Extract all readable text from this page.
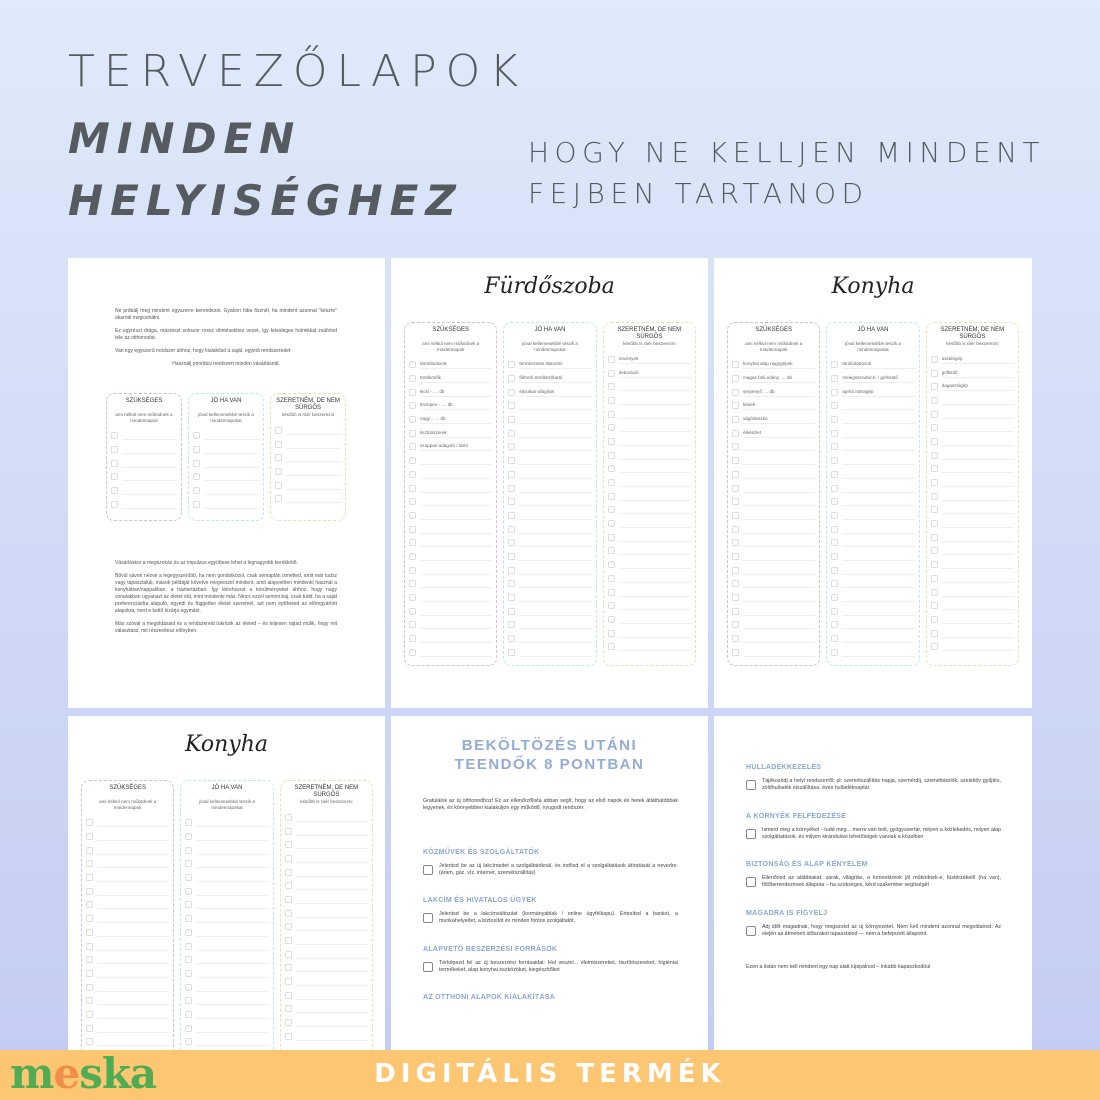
TERVEZŐLAPOK
MINDEN
HELYISÉGHEZ
HOGY NE KELLJEN MINDENT
FEJBEN TARTANOD

Ne próbálj meg mindent egyszerre berendezni. Gyakori hiba ősznél, ha mindent azonnal "készre" akarnál megcsinálni.

Ez egyrészt drága, másrészt sokszor rossz döntésekhez vezet, így felesleges holmikkal zsúfolod tele az otthonodat.

Van egy egyszerű módszer ahhoz, hogy kialakítsd a saját, egyedi rendszeredet:

Használj prioritási rendszert minden vásárlásnál.

SZÜKSÉGES
ami nélkül nem működnek a mindennapok
JÓ HA VAN
jóval kellemesebbé teszik a mindennapokat
SZERETNÉM, DE NEM SÜRGŐS
később is ráér beszerezni

Vásárláskor a megszokás és az impulzus együttese lehet a legnagyobb kerékkötő.

Bővül sávon nézve a legegyszerűbb, ha nem gondolkozol, csak sémaplán ismétled, amit már tudsz vagy tapasztaltál, mások példáját követve megveszel mindent, amit alapvetően mindenki használ a konyhában/nappaliban, a háztartásban. Így létrehozod a körülményeket ahhoz, hogy nagy vonalakban ugyanazt az életet éld, mint mindenki más. Nincs ezzel semmi baj, csak tudd, ha a saját preferenciáidra alapuló, egyedi és független életet szeretnél, azt nem építheted az előregyártott alapokra, mert e kettő kizárja egymást.

Más szóval a megoldásaid és a rendszereid tükrözik az életed – és teljesen rajtad múlik, hogy mit választasz, mit részesítesz előnyben.

Fürdőszoba
SZÜKSÉGES
ami nélkül nem működnek a mindennapok
tárolóbútorok
törölközők
kicsi - .... db
közepes - .... db
nagy - .... db
tisztítószerek
szappan adagoló / tartó
JÓ HA VAN
jóval kellemesebbé teszik a mindennapokat
természetes illatosító
fűthető törölközőtartó
éjszakai világítás
SZERETNÉM, DE NEM SÜRGŐS
később is ráér beszerezni
növények
dekoráció
Konyha
SZÜKSÉGES
ami nélkül nem működnek a mindennapok
konyhai alap nagygépek
magas falú edény .... db
serpenyő .... db
kések
vágódeszka
étkészlet
JÓ HA VAN
jóval kellemesebbé teszik a mindennapokat
tárolódobozok
melegszendvics- / gofrisütő
aprító robotgép
SZERETNÉM, DE NEM SÜRGŐS
később is ráér beszerezni
aszalógép
grillsütő
dagasztógép
Konyha
SZÜKSÉGES
ami nélkül nem működnek a mindennapok
JÓ HA VAN
jóval kellemesebbé teszik a mindennapokat
SZERETNÉM, DE NEM SÜRGŐS
később is ráér beszerezni
BEKÖLTÖZÉS UTÁNI
TEENDŐK 8 PONTBAN
Gratulálok az új otthonodhoz! Ez az ellenőrzőlista abban segít, hogy az első napok és hetek átláthatóbbak legyenek, és könnyebben kialakuljon egy működő, nyugodt rendszer.
KÖZMŰVEK ÉS SZOLGÁLTATÓK
Jelentsd be az új lakcímedet a szolgáltatóknál, és indítsd el a szolgáltatások átíratását a nevedre. (áram, gáz, víz, internet, szemétszállítás)
LAKCÍM ÉS HIVATALOS ÜGYEK
Jelentsd be a lakcímváltozást (kormányablak / online ügyfélkapu). Értesítsd a bankot, a munkahelyedet, a biztosítót és minden fontos szolgáltatót.
ALAPVETŐ BESZERZÉSI FORRÁSOK
Térképezd fel az új beszerzési forrásaidat: Hol veszel... élelmiszereket, tisztítószereket, higiéniai termékeket, alap konyhai eszközöket, kiegészítőket
AZ OTTHONI ALAPOK KIALAKÍTÁSA
HULLADÉKKEZELÉS
Tájékozódj a helyi rendszerről: pl: szemétszállítás napja, szemérdíj, szeméttárolók, szelektív gyűjtés, zöldhulladék elszállítása, éves hulladéknaptár
A KÖRNYÉK FELFEDEZÉSE
Ismerd meg a környéket - tudd meg... merre van bolt, gyógyszertár, milyen a közlekedés, milyen alap szolgáltatások, és milyen kirándulási lehetőségek vannak a közelben
BIZTONSÁG ÉS ALAP KÉNYELEM
Ellenőrizd az alábbiakat: zárak, világítás, a konnektorok jól működnek-e, füstérzékelő (ha van), fűtőberendezések állapota – ha szükséges, kérd szakember segítségét
MAGADRA IS FIGYELJ
Adj időt magadnak, hogy megszokd az új környezetet. Nem kell mindent azonnal megoldanod. Az elején az átmeneti időszakot tapasztalod — nem a befejezett állapotot.
Ezen a listán nem kell mindent egy nap alatt kipipálnod – inkább kapaszkodóul
meska	DIGITÁLIS TERMÉK
